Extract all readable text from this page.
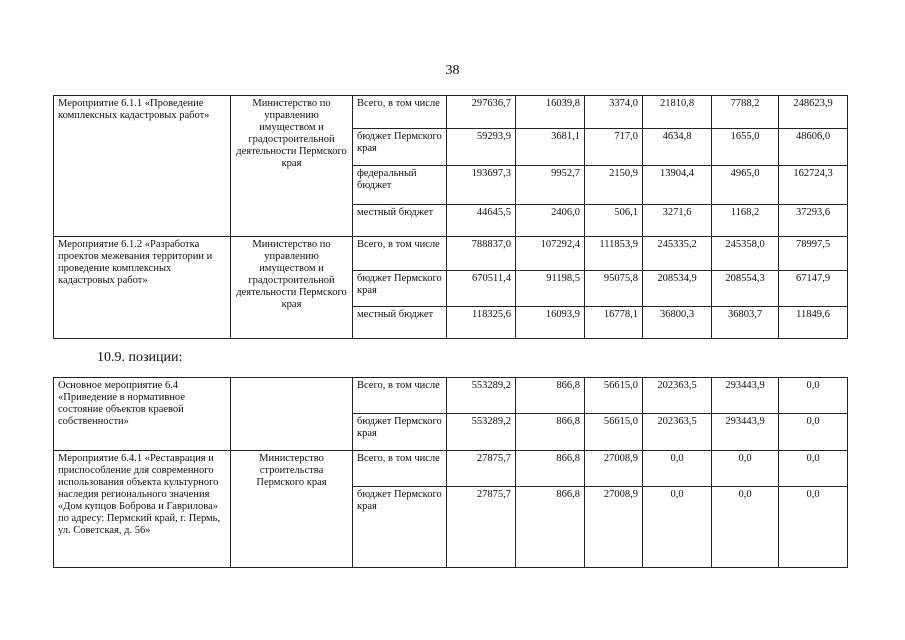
38
Мероприятие 6.1.1 «Проведение комплексных кадастровых работ»	Министерство по управлению имуществом и градостроительной деятельности Пермского края	Всего, в том числе	297636,7	16039,8	3374,0	21810,8	7788,2	248623,9
		бюджет Пермского края	59293,9	3681,1	717,0	4634,8	1655,0	48606,0
		федеральный бюджет	193697,3	9952,7	2150,9	13904,4	4965,0	162724,3
		местный бюджет	44645,5	2406,0	506,1	3271,6	1168,2	37293,6
Мероприятие 6.1.2 «Разработка проектов межевания территории и проведение комплексных кадастровых работ»	Министерство по управлению имуществом и градостроительной деятельности Пермского края	Всего, в том числе	788837,0	107292,4	111853,9	245335,2	245358,0	78997,5
		бюджет Пермского края	670511,4	91198,5	95075,8	208534,9	208554,3	67147,9
		местный бюджет	118325,6	16093,9	16778,1	36800,3	36803,7	11849,6
10.9. позиции:
Основное мероприятие 6.4 «Приведение в нормативное состояние объектов краевой собственности»		Всего, в том числе	553289,2	866,8	56615,0	202363,5	293443,9	0,0
		бюджет Пермского края	553289,2	866,8	56615,0	202363,5	293443,9	0,0
Мероприятие 6.4.1 «Реставрация и приспособление для современного использования объекта культурного наследия регионального значения «Дом купцов Боброва и Гаврилова» по адресу: Пермский край, г. Пермь, ул. Советская, д. 56»	Министерство строительства Пермского края	Всего, в том числе	27875,7	866,8	27008,9	0,0	0,0	0,0
		бюджет Пермского края	27875,7	866,8	27008,9	0,0	0,0	0,0
